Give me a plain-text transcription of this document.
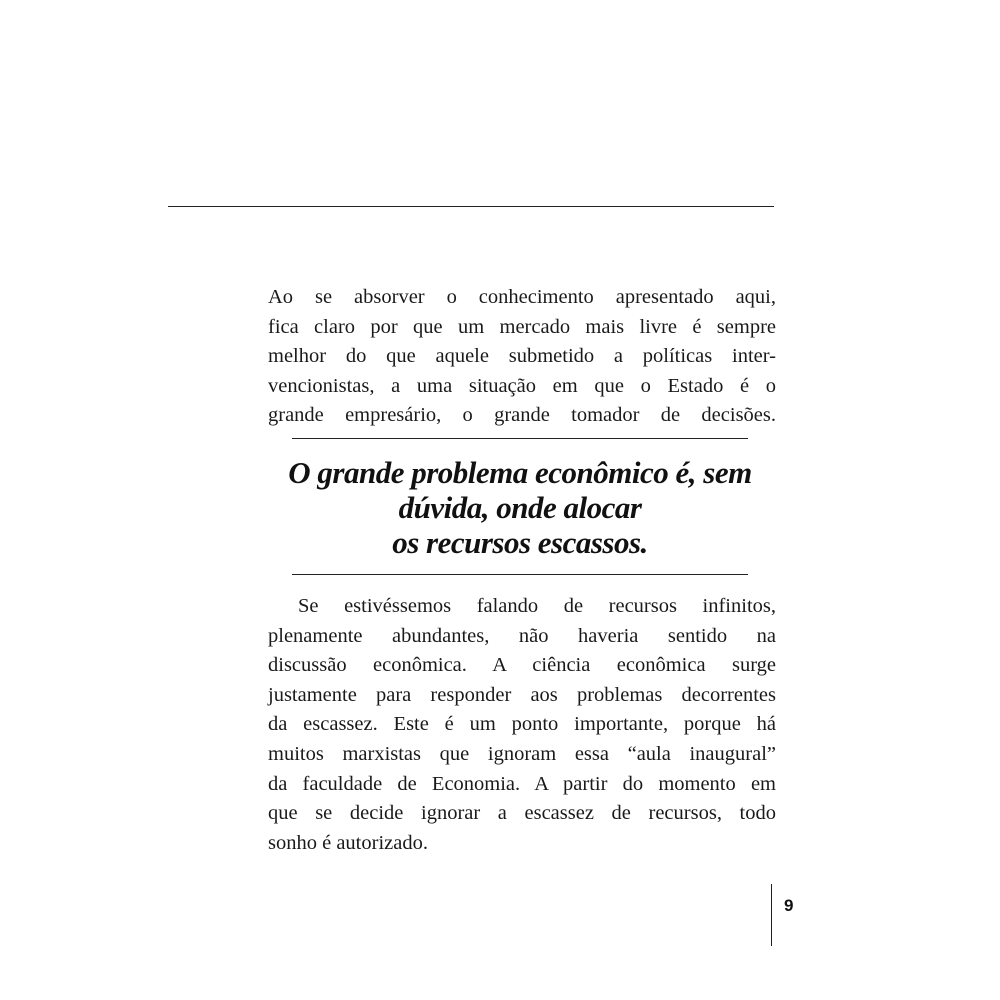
Ao se absorver o conhecimento apresentado aqui,
fica claro por que um mercado mais livre é sempre
melhor do que aquele submetido a políticas inter-
vencionistas, a uma situação em que o Estado é o
grande empresário, o grande tomador de decisões.

O grande problema econômico é, sem
dúvida, onde alocar
os recursos escassos.

Se estivéssemos falando de recursos infinitos,
plenamente abundantes, não haveria sentido na
discussão econômica. A ciência econômica surge
justamente para responder aos problemas decorrentes
da escassez. Este é um ponto importante, porque há
muitos marxistas que ignoram essa “aula inaugural”
da faculdade de Economia. A partir do momento em
que se decide ignorar a escassez de recursos, todo
sonho é autorizado.

9
